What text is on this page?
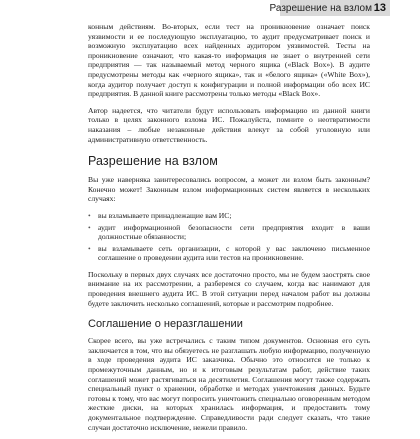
Разрешение на взлом 13

конным действиям. Во-вторых, если тест на проникновение означает поиск уязвимости и ее последующую эксплуатацию, то аудит предусматривает поиск и возможную эксплуатацию всех найденных аудитором уязвимостей. Тесты на проникновение означают, что какая-то информация не знает о внутренней сети предприятия — так называемый метод черного ящика («Black Box»). В аудите предусмотрены методы как «черного ящика», так и «белого ящика» («White Box»), когда аудитор получает доступ к конфигурации и полной информации обо всех ИС предприятия. В данной книге рассмотрены только методы «Black Box».

Автор надеется, что читатели будут использовать информацию из данной книги только в целях законного взлома ИС. Пожалуйста, помните о неотвратимости наказания – любые незаконные действия влекут за собой уголовную или административную ответственность.

Разрешение на взлом

Вы уже наверняка заинтересовались вопросом, а может ли взлом быть законным? Конечно может! Законным взлом информационных систем является в нескольких случаях:

• вы взламываете принадлежащие вам ИС;
• аудит информационной безопасности сети предприятия входит в ваши должностные обязанности;
• вы взламываете сеть организации, с которой у вас заключено письменное соглашение о проведении аудита или тестов на проникновение.

Поскольку в первых двух случаях все достаточно просто, мы не будем заострять свое внимание на их рассмотрении, а разберемся со случаем, когда вас нанимают для проведения внешнего аудита ИС. В этой ситуации перед началом работ вы должны будете заключить несколько соглашений, которые и рассмотрим подробнее.

Соглашение о неразглашении

Скорее всего, вы уже встречались с таким типом документов. Основная его суть заключается в том, что вы обязуетесь не разглашать любую информацию, полученную в ходе проведения аудита ИС заказчика. Обычно это относится не только к промежуточным данным, но и к итоговым результатам работ, действие таких соглашений может растягиваться на десятилетия. Соглашения могут также содержать специальный пункт о хранении, обработке и методах уничтожения данных. Будьте готовы к тому, что вас могут попросить уничтожить специально оговоренным методом жесткие диски, на которых хранилась информация, и предоставить тому документальное подтверждение. Справедливости ради следует сказать, что такие случаи достаточно исключение, нежели правило.
